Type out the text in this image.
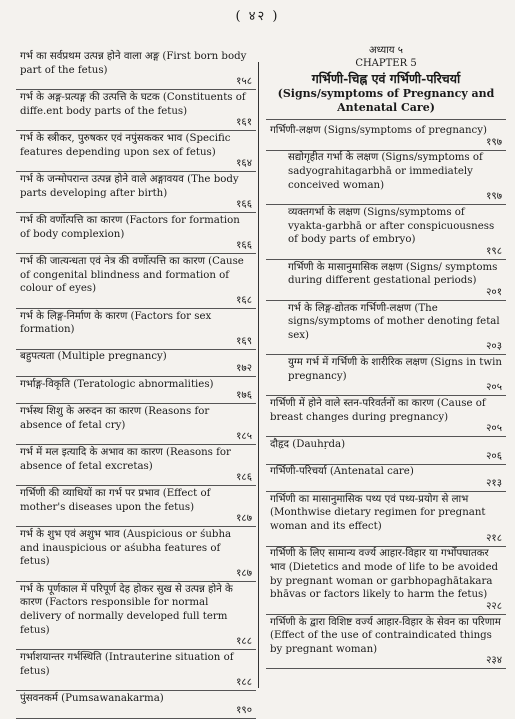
( ४२ )
गर्भ का सर्वप्रथम उत्पन्न होने वाला अङ्ग (First born body part of the fetus)
१५८
गर्भ के अङ्ग-प्रत्यङ्ग की उत्पत्ति के घटक (Constituents of diffe.ent body parts of the fetus)
१६१
गर्भ के स्त्रीकर, पुरुषकर एवं नपुंसककर भाव (Specific features depending upon sex of fetus)
१६४
गर्भ के जन्मोपरान्त उत्पन्न होने वाले अङ्गावयव (The body parts developing after birth)
१६६
गर्भ की वर्णोत्पत्ति का कारण (Factors for formation of body complexion)
१६६
गर्भ की जात्यन्धता एवं नेत्र की वर्णोत्पत्ति का कारण (Cause of congenital blindness and formation of colour of eyes)
१६८
गर्भ के लिङ्ग-निर्माण के कारण (Factors for sex formation)
१६९
बहुपत्यता (Multiple pregnancy)
१७२
गर्भाङ्ग-विकृति (Teratologic abnormalities)
१७६
गर्भस्थ शिशु के अरुदन का कारण (Reasons for absence of fetal cry)
१८५
गर्भ में मल इत्यादि के अभाव का कारण (Reasons for absence of fetal excretas)
१८६
गर्भिणी की व्याधियों का गर्भ पर प्रभाव (Effect of mother's diseases upon the fetus)
१८७
गर्भ के शुभ एवं अशुभ भाव (Auspicious or śubha and inauspicious or aśubha features of fetus)
१८७
गर्भ के पूर्णकाल में परिपूर्ण देह होकर सुख से उत्पन्न होने के कारण (Factors responsible for normal delivery of normally developed full term fetus)
१८८
गर्भाशयान्तर गर्भस्थिति (Intrauterine situation of fetus)
१८८
पुंसवनकर्म (Pumsawanakarma)
१९०
अध्याय ५
CHAPTER 5
गर्भिणी-चिह्न एवं गर्भिणी-परिचर्या
(Signs/symptoms of Pregnancy and Antenatal Care)
गर्भिणी-लक्षण (Signs/symptoms of pregnancy)
१९७
सद्योगृहीत गर्भा के लक्षण (Signs/symptoms of sadyograhitagarbhā or immediately conceived woman)
१९७
व्यक्तगर्भा के लक्षण (Signs/symptoms of vyakta-garbhā or after conspicuousness of body parts of embryo)
१९८
गर्भिणी के मासानुमासिक लक्षण (Signs/ symptoms during different gestational periods)
२०१
गर्भ के लिङ्ग-द्योतक गर्भिणी-लक्षण (The signs/symptoms of mother denoting fetal sex)
२०३
युग्म गर्भ में गर्भिणी के शारीरिक लक्षण (Signs in twin pregnancy)
२०५
गर्भिणी में होने वाले स्तन-परिवर्तनों का कारण (Cause of breast changes during pregnancy)
२०५
दौहृद (Dauhṛda)
२०६
गर्भिणी-परिचर्या (Antenatal care)
२१३
गर्भिणी का मासानुमासिक पथ्य एवं पथ्य-प्रयोग से लाभ (Monthwise dietary regimen for pregnant woman and its effect)
२१८
गर्भिणी के लिए सामान्य वर्ज्य आहार-विहार या गर्भोपघातकर भाव (Dietetics and mode of life to be avoided by pregnant woman or garbhopaghātakara bhāvas or factors likely to harm the fetus)
२२८
गर्भिणी के द्वारा विशिष्ट वर्ज्य आहार-विहार के सेवन का परिणाम (Effect of the use of contraindicated things by pregnant woman)
२३४
